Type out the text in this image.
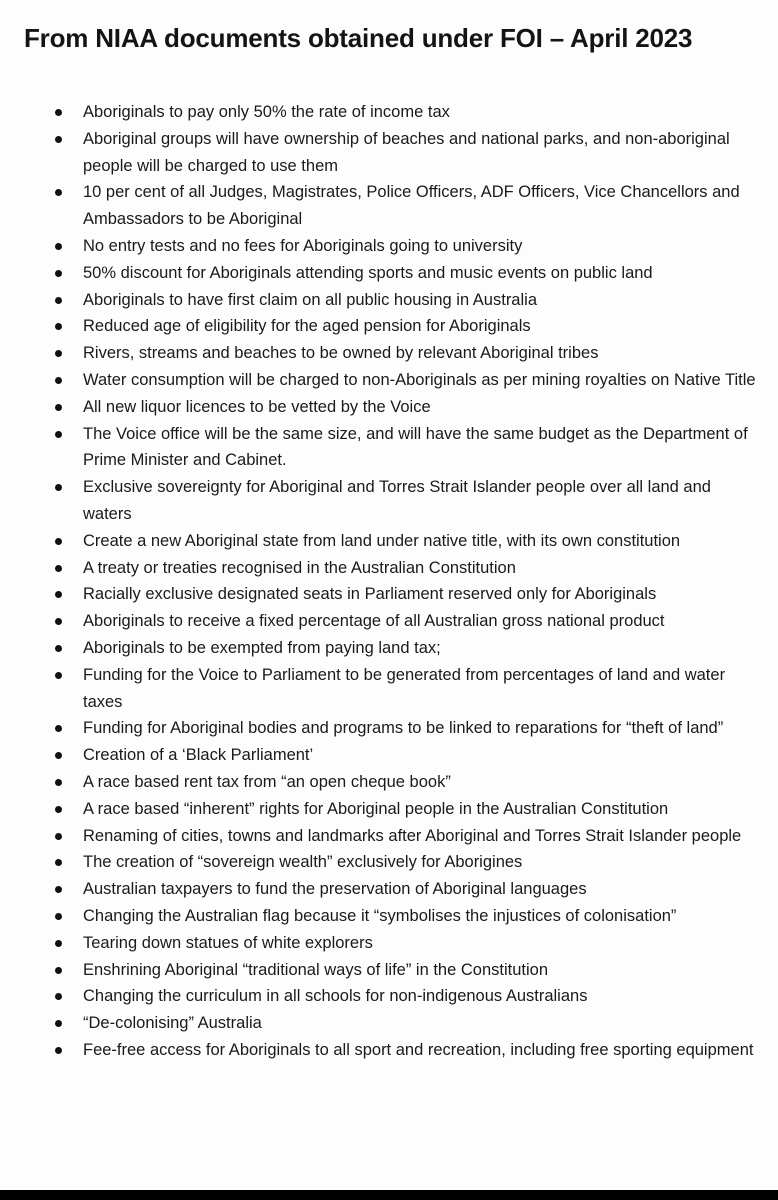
From NIAA documents obtained under FOI – April 2023
Aboriginals to pay only 50% the rate of income tax
Aboriginal groups will have ownership of beaches and national parks, and non-aboriginal people will be charged to use them
10 per cent of all Judges, Magistrates, Police Officers, ADF Officers, Vice Chancellors and Ambassadors to be Aboriginal
No entry tests and no fees for Aboriginals going to university
50% discount for Aboriginals attending sports and music events on public land
Aboriginals to have first claim on all public housing in Australia
Reduced age of eligibility for the aged pension for Aboriginals
Rivers, streams and beaches to be owned by relevant Aboriginal tribes
Water consumption will be charged to non-Aboriginals as per mining royalties on Native Title
All new liquor licences to be vetted by the Voice
The Voice office will be the same size, and will have the same budget as the Department of Prime Minister and Cabinet.
Exclusive sovereignty for Aboriginal and Torres Strait Islander people over all land and waters
Create a new Aboriginal state from land under native title, with its own constitution
A treaty or treaties recognised in the Australian Constitution
Racially exclusive designated seats in Parliament reserved only for Aboriginals
Aboriginals to receive a fixed percentage of all Australian gross national product
Aboriginals to be exempted from paying land tax;
Funding for the Voice to Parliament to be generated from percentages of land and water taxes
Funding for Aboriginal bodies and programs to be linked to reparations for “theft of land”
Creation of a ‘Black Parliament’
A race based rent tax from “an open cheque book”
A race based “inherent” rights for Aboriginal people in the Australian Constitution
Renaming of cities, towns and landmarks after Aboriginal and Torres Strait Islander people
The creation of “sovereign wealth” exclusively for Aborigines
Australian taxpayers to fund the preservation of Aboriginal languages
Changing the Australian flag because it “symbolises the injustices of colonisation”
Tearing down statues of white explorers
Enshrining Aboriginal “traditional ways of life” in the Constitution
Changing the curriculum in all schools for non-indigenous Australians
“De-colonising” Australia
Fee-free access for Aboriginals to all sport and recreation, including free sporting equipment
